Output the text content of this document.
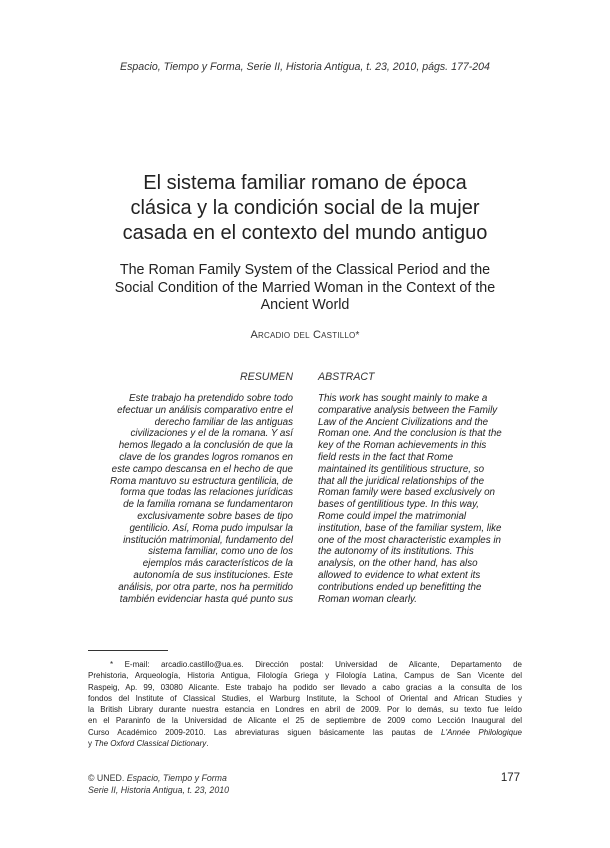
Espacio, Tiempo y Forma, Serie II, Historia Antigua, t. 23, 2010, págs. 177-204
El sistema familiar romano de época
clásica y la condición social de la mujer
casada en el contexto del mundo antiguo
The Roman Family System of the Classical Period and the
Social Condition of the Married Woman in the Context of the
Ancient World
Arcadio del Castillo*
RESUMEN ABSTRACT
Este trabajo ha pretendido sobre todo
efectuar un análisis comparativo entre el
derecho familiar de las antiguas
civilizaciones y el de la romana. Y así
hemos llegado a la conclusión de que la
clave de los grandes logros romanos en
este campo descansa en el hecho de que
Roma mantuvo su estructura gentilicia, de
forma que todas las relaciones jurídicas
de la familia romana se fundamentaron
exclusivamente sobre bases de tipo
gentilicio. Así, Roma pudo impulsar la
institución matrimonial, fundamento del
sistema familiar, como uno de los
ejemplos más característicos de la
autonomía de sus instituciones. Este
análisis, por otra parte, nos ha permitido
también evidenciar hasta qué punto sus
This work has sought mainly to make a
comparative analysis between the Family
Law of the Ancient Civilizations and the
Roman one. And the conclusion is that the
key of the Roman achievements in this
field rests in the fact that Rome
maintained its gentilitious structure, so
that all the juridical relationships of the
Roman family were based exclusively on
bases of gentilitious type. In this way,
Rome could impel the matrimonial
institution, base of the familiar system, like
one of the most characteristic examples in
the autonomy of its institutions. This
analysis, on the other hand, has also
allowed to evidence to what extent its
contributions ended up benefitting the
Roman woman clearly.
* E-mail: arcadio.castillo@ua.es. Dirección postal: Universidad de Alicante, Departamento de
Prehistoria, Arqueología, Historia Antigua, Filología Griega y Filología Latina, Campus de San Vicente del
Raspeig, Ap. 99, 03080 Alicante. Este trabajo ha podido ser llevado a cabo gracias a la consulta de los
fondos del Institute of Classical Studies, el Warburg Institute, la School of Oriental and African Studies y
la British Library durante nuestra estancia en Londres en abril de 2009. Por lo demás, su texto fue leído
en el Paraninfo de la Universidad de Alicante el 25 de septiembre de 2009 como Lección Inaugural del
Curso Académico 2009-2010. Las abreviaturas siguen básicamente las pautas de L'Année Philologique
y The Oxford Classical Dictionary.
© UNED. Espacio, Tiempo y Forma
Serie II, Historia Antigua, t. 23, 2010
177
